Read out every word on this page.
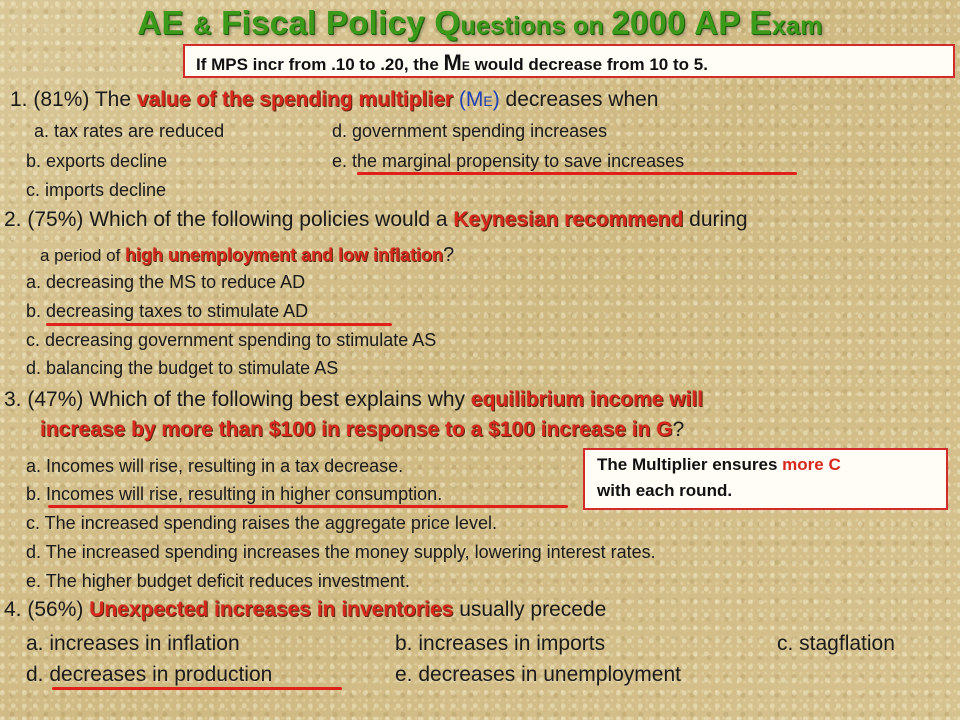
AE & Fiscal Policy Questions on 2000 AP Exam
If MPS incr from .10 to .20, the ME would decrease from 10 to 5.
1. (81%) The value of the spending multiplier (ME) decreases when
a. tax rates are reduced	d. government spending increases
b. exports decline	e. the marginal propensity to save increases
c. imports decline
2. (75%) Which of the following policies would a Keynesian recommend during
a period of high unemployment and low inflation?
a. decreasing the MS to reduce AD
b. decreasing taxes to stimulate AD
c. decreasing government spending to stimulate AS
d. balancing the budget to stimulate AS
3. (47%) Which of the following best explains why equilibrium income will
increase by more than $100 in response to a $100 increase in G?
a. Incomes will rise, resulting in a tax decrease.
b. Incomes will rise, resulting in higher consumption.
c. The increased spending raises the aggregate price level.
d. The increased spending increases the money supply, lowering interest rates.
e. The higher budget deficit reduces investment.
The Multiplier ensures more C
with each round.
4. (56%) Unexpected increases in inventories usually precede
a. increases in inflation	b. increases in imports	c. stagflation
d. decreases in production	e. decreases in unemployment
